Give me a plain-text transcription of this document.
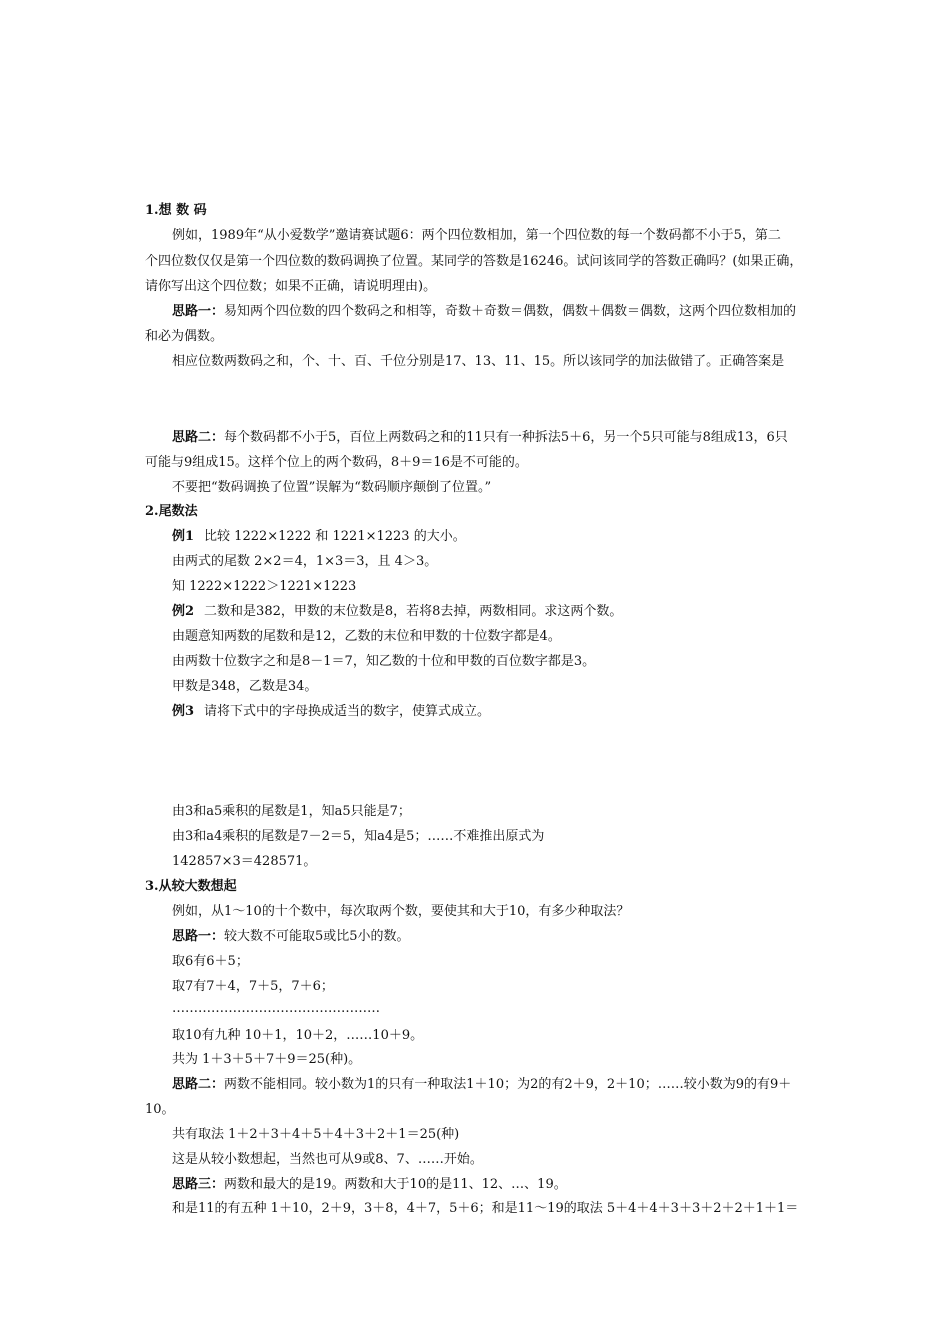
1.想 数 码
例如，1989年“从小爱数学”邀请赛试题6：两个四位数相加，第一个四位数的每一个数码都不小于5，第二
个四位数仅仅是第一个四位数的数码调换了位置。某同学的答数是16246。试问该同学的答数正确吗？(如果正确，
请你写出这个四位数；如果不正确，请说明理由)。
思路一：易知两个四位数的四个数码之和相等，奇数＋奇数＝偶数，偶数＋偶数＝偶数，这两个四位数相加的
和必为偶数。
相应位数两数码之和，个、十、百、千位分别是17、13、11、15。所以该同学的加法做错了。正确答案是
思路二：每个数码都不小于5，百位上两数码之和的11只有一种拆法5＋6，另一个5只可能与8组成13，6只
可能与9组成15。这样个位上的两个数码，8＋9＝16是不可能的。
不要把“数码调换了位置”误解为“数码顺序颠倒了位置。”
2.尾数法
例1 比较 1222×1222 和 1221×1223 的大小。
由两式的尾数 2×2＝4，1×3＝3，且 4＞3。
知 1222×1222＞1221×1223
例2 二数和是382，甲数的末位数是8，若将8去掉，两数相同。求这两个数。
由题意知两数的尾数和是12，乙数的末位和甲数的十位数字都是4。
由两数十位数字之和是8－1＝7，知乙数的十位和甲数的百位数字都是3。
甲数是348，乙数是34。
例3 请将下式中的字母换成适当的数字，使算式成立。
由3和a5乘积的尾数是1，知a5只能是7；
由3和a4乘积的尾数是7－2＝5，知a4是5；……不难推出原式为
142857×3＝428571。
3.从较大数想起
例如，从1～10的十个数中，每次取两个数，要使其和大于10，有多少种取法？
思路一：较大数不可能取5或比5小的数。
取6有6＋5；
取7有7＋4，7＋5，7＋6；
…………………………………………
取10有九种 10＋1，10＋2，……10＋9。
共为 1＋3＋5＋7＋9＝25(种)。
思路二：两数不能相同。较小数为1的只有一种取法1＋10；为2的有2＋9，2＋10；……较小数为9的有9＋
10。
共有取法 1＋2＋3＋4＋5＋4＋3＋2＋1＝25(种)
这是从较小数想起，当然也可从9或8、7、……开始。
思路三：两数和最大的是19。两数和大于10的是11、12、…、19。
和是11的有五种 1＋10，2＋9，3＋8，4＋7，5＋6；和是11～19的取法 5＋4＋4＋3＋3＋2＋2＋1＋1＝
